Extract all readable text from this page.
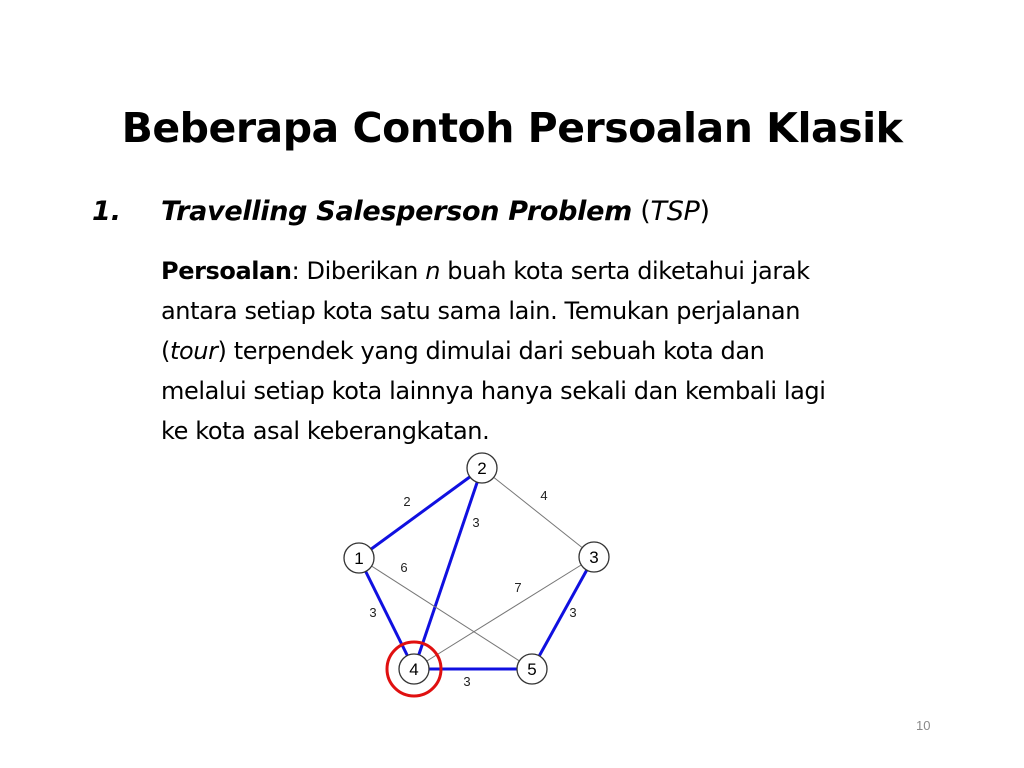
Beberapa Contoh Persoalan Klasik
1. Travelling Salesperson Problem (TSP)
Persoalan: Diberikan n buah kota serta diketahui jarak
antara setiap kota satu sama lain. Temukan perjalanan
(tour) terpendek yang dimulai dari sebuah kota dan
melalui setiap kota lainnya hanya sekali dan kembali lagi
ke kota asal keberangkatan.
2	4
3
6
7
3	3
3
1
2
3
4	5
10
